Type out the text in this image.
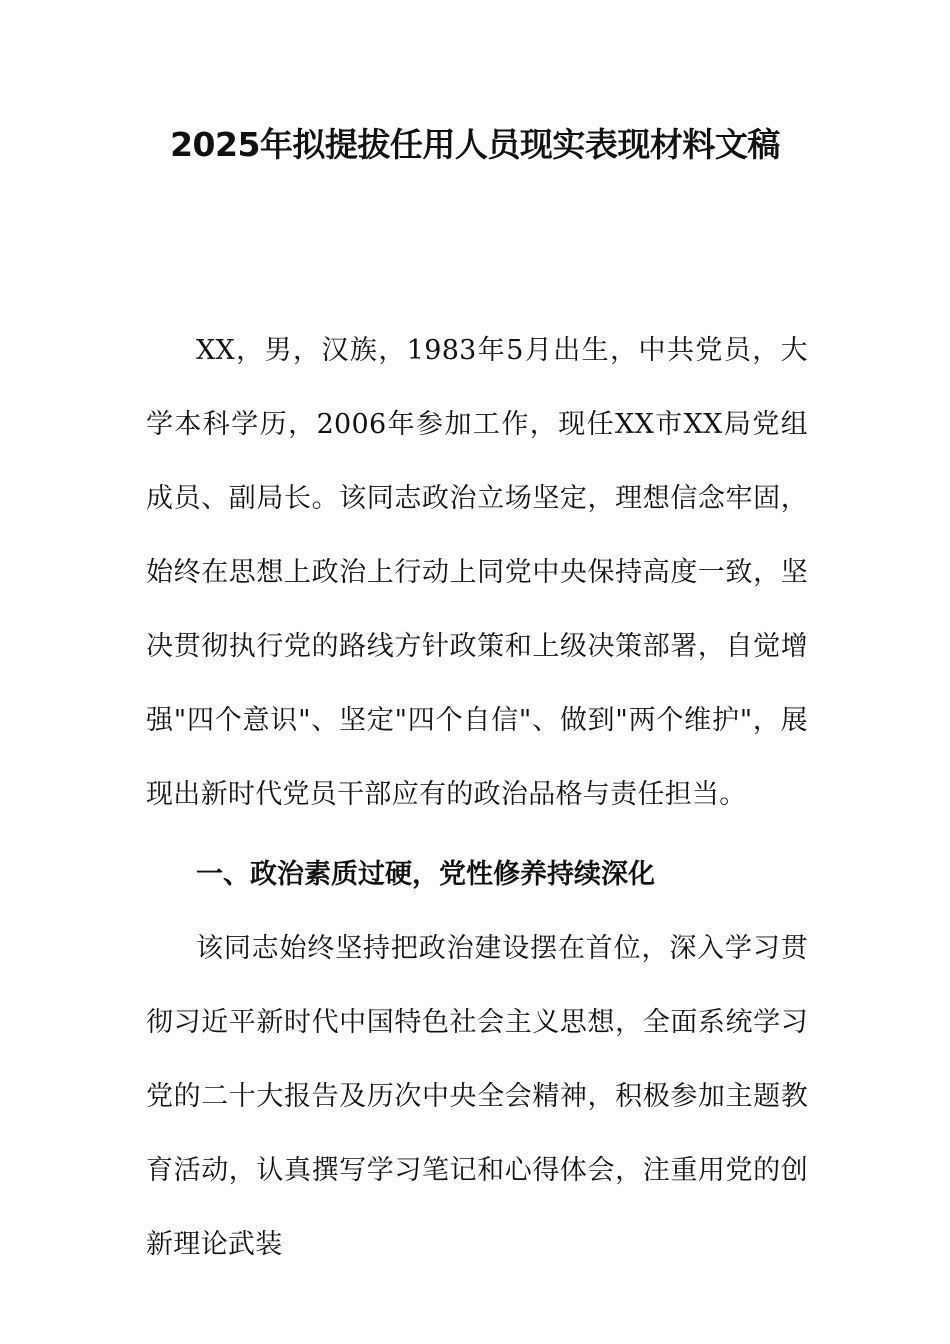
2025年拟提拔任用人员现实表现材料文稿

XX，男，汉族，1983年5月出生，中共党员，大学本科学历，2006年参加工作，现任XX市XX局党组成员、副局长。该同志政治立场坚定，理想信念牢固，始终在思想上政治上行动上同党中央保持高度一致，坚决贯彻执行党的路线方针政策和上级决策部署，自觉增强"四个意识"、坚定"四个自信"、做到"两个维护"，展现出新时代党员干部应有的政治品格与责任担当。

一、政治素质过硬，党性修养持续深化

该同志始终坚持把政治建设摆在首位，深入学习贯彻习近平新时代中国特色社会主义思想，全面系统学习党的二十大报告及历次中央全会精神，积极参加主题教育活动，认真撰写学习笔记和心得体会，注重用党的创新理论武装
